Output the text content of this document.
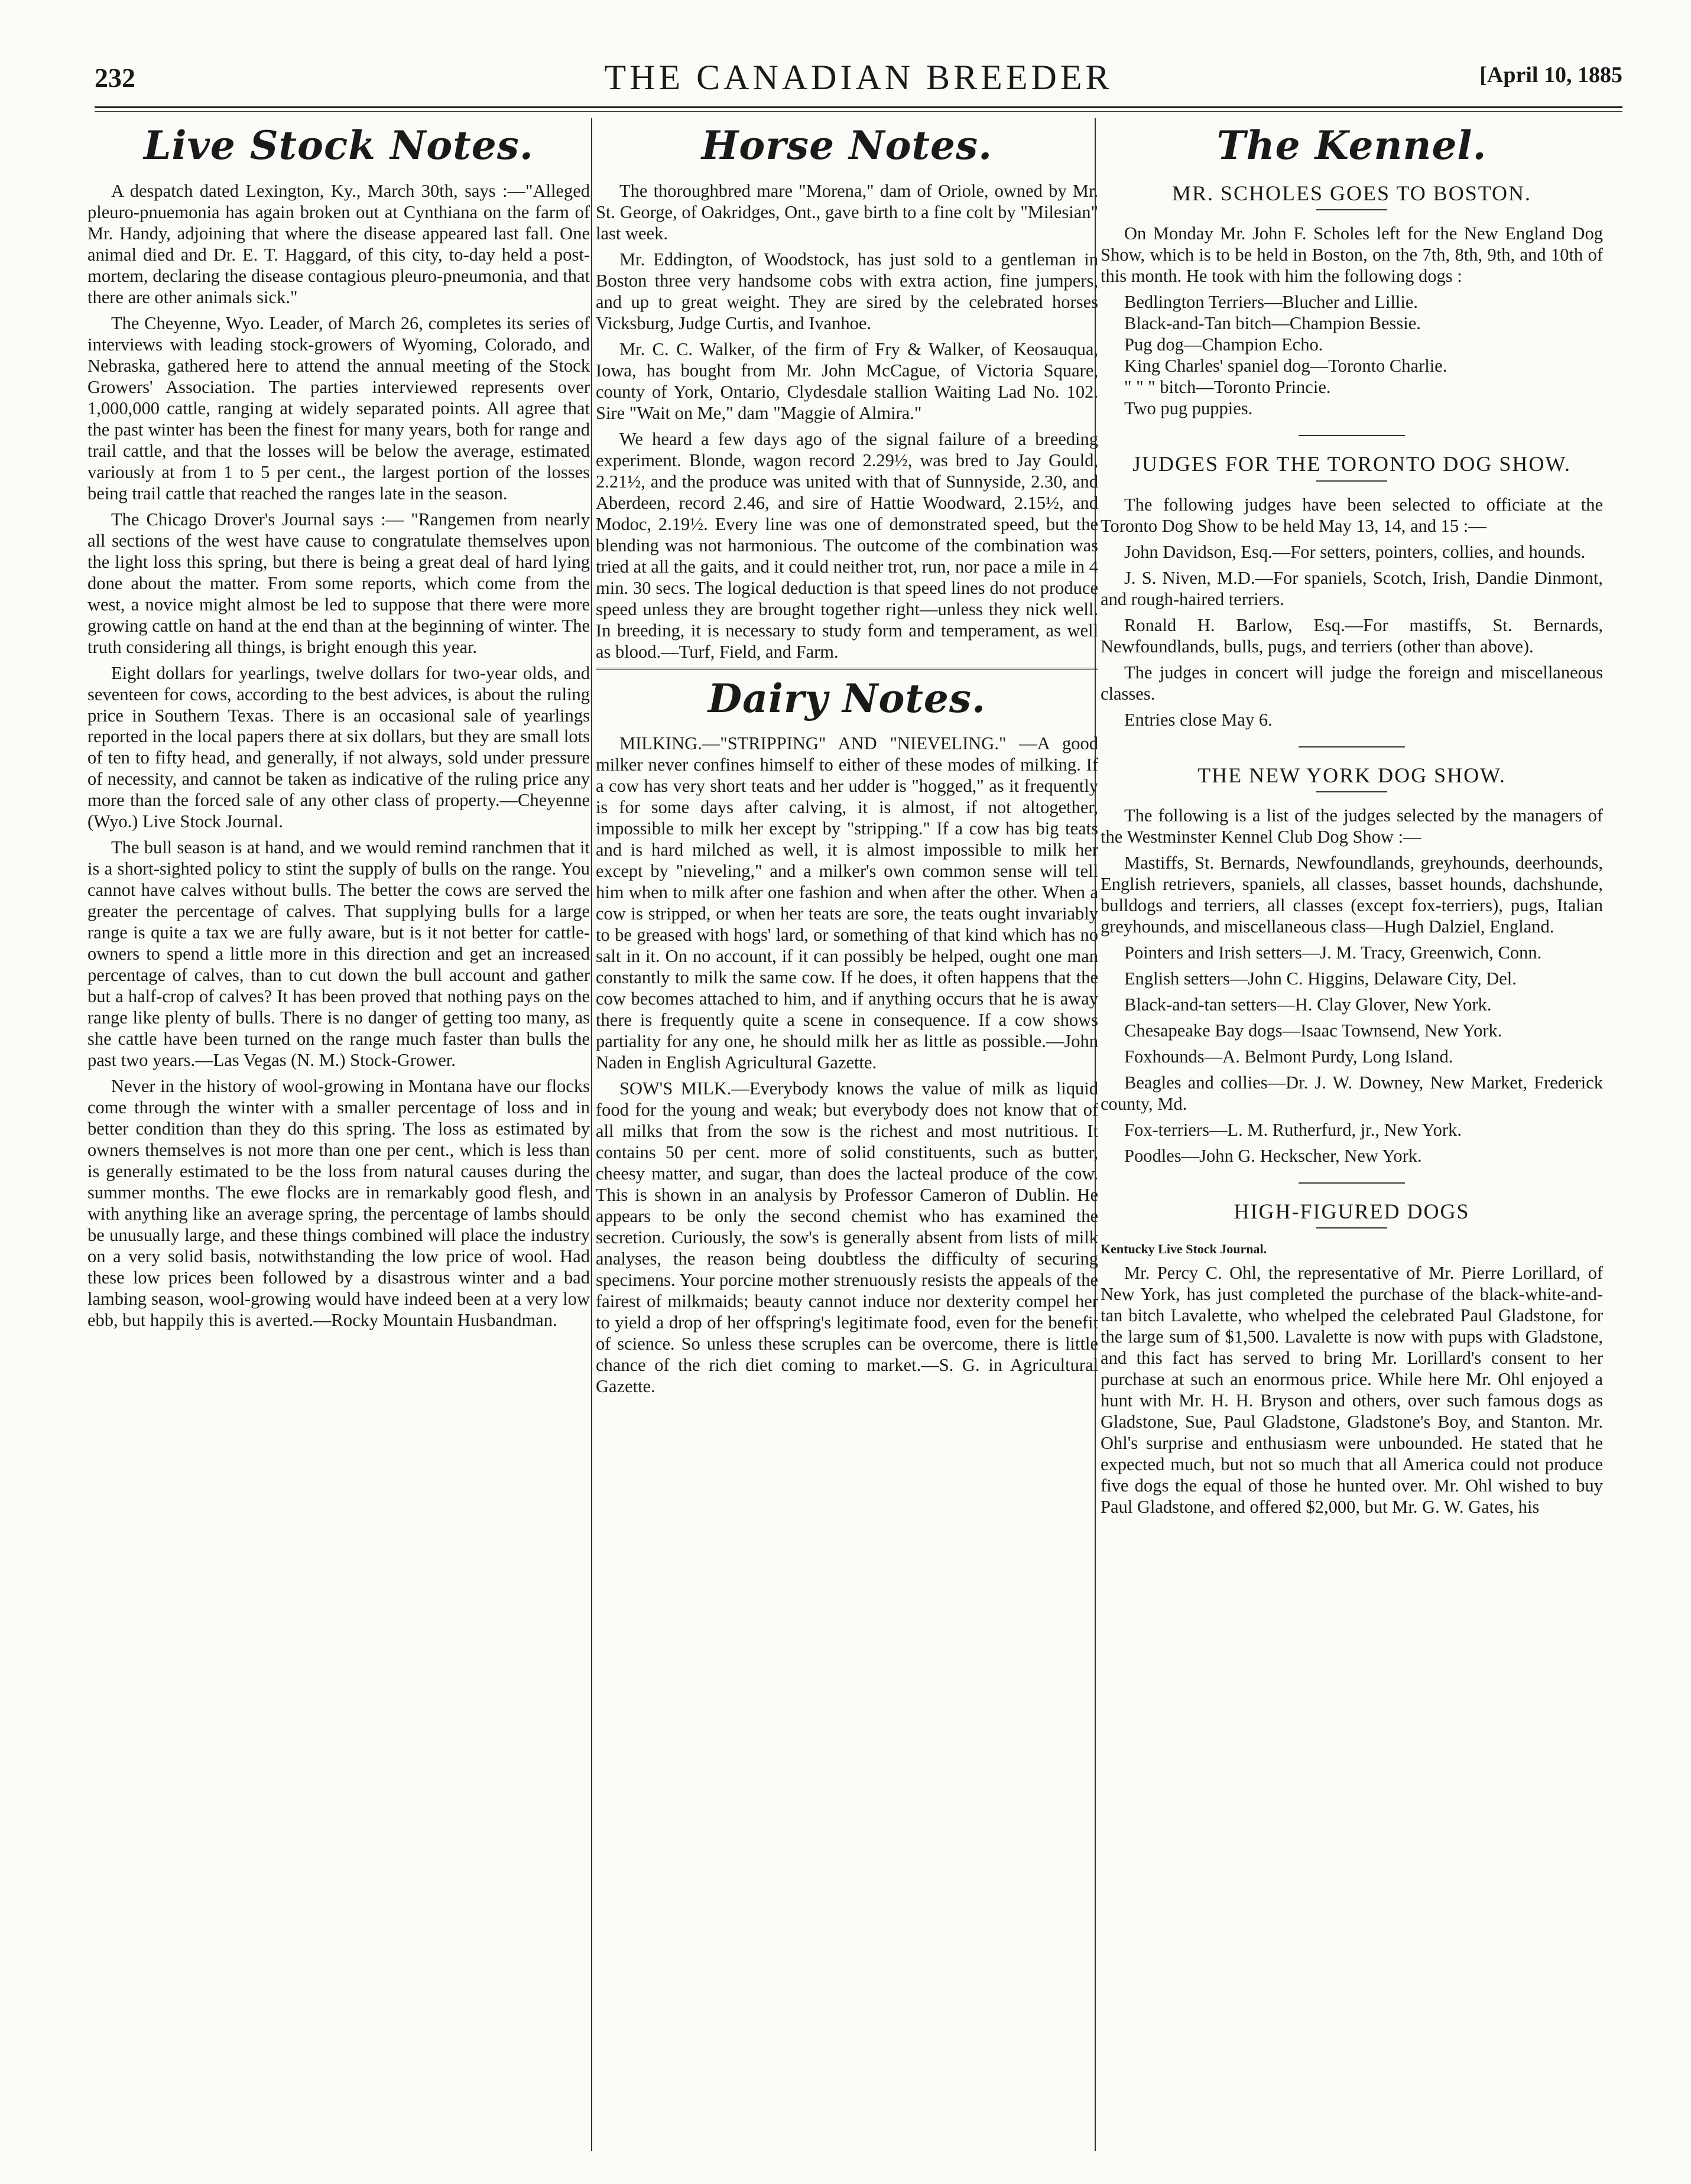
232	THE CANADIAN BREEDER	[April 10, 1885
Live Stock Notes.

A despatch dated Lexington, Ky., March 30th, says :—"Alleged pleuro-pnuemonia has again broken out at Cynthiana on the farm of Mr. Handy, adjoining that where the disease appeared last fall. One animal died and Dr. E. T. Haggard, of this city, to-day held a post-mortem, declaring the disease contagious pleuro-pneumonia, and that there are other animals sick."

The Cheyenne, Wyo. Leader, of March 26, completes its series of interviews with leading stock-growers of Wyoming, Colorado, and Nebraska, gathered here to attend the annual meeting of the Stock Growers' Association. The parties interviewed represents over 1,000,000 cattle, ranging at widely separated points. All agree that the past winter has been the finest for many years, both for range and trail cattle, and that the losses will be below the average, estimated variously at from 1 to 5 per cent., the largest portion of the losses being trail cattle that reached the ranges late in the season.

The Chicago Drover's Journal says :— "Rangemen from nearly all sections of the west have cause to congratulate themselves upon the light loss this spring, but there is being a great deal of hard lying done about the matter. From some reports, which come from the west, a novice might almost be led to suppose that there were more growing cattle on hand at the end than at the beginning of winter. The truth considering all things, is bright enough this year.

Eight dollars for yearlings, twelve dollars for two-year olds, and seventeen for cows, according to the best advices, is about the ruling price in Southern Texas. There is an occasional sale of yearlings reported in the local papers there at six dollars, but they are small lots of ten to fifty head, and generally, if not always, sold under pressure of necessity, and cannot be taken as indicative of the ruling price any more than the forced sale of any other class of property.—Cheyenne (Wyo.) Live Stock Journal.

The bull season is at hand, and we would remind ranchmen that it is a short-sighted policy to stint the supply of bulls on the range. You cannot have calves without bulls. The better the cows are served the greater the percentage of calves. That supplying bulls for a large range is quite a tax we are fully aware, but is it not better for cattle-owners to spend a little more in this direction and get an increased percentage of calves, than to cut down the bull account and gather but a half-crop of calves? It has been proved that nothing pays on the range like plenty of bulls. There is no danger of getting too many, as she cattle have been turned on the range much faster than bulls the past two years.—Las Vegas (N. M.) Stock-Grower.

Never in the history of wool-growing in Montana have our flocks come through the winter with a smaller percentage of loss and in better condition than they do this spring. The loss as estimated by owners themselves is not more than one per cent., which is less than is generally estimated to be the loss from natural causes during the summer months. The ewe flocks are in remarkably good flesh, and with anything like an average spring, the percentage of lambs should be unusually large, and these things combined will place the industry on a very solid basis, notwithstanding the low price of wool. Had these low prices been followed by a disastrous winter and a bad lambing season, wool-growing would have indeed been at a very low ebb, but happily this is averted.—Rocky Mountain Husbandman.

Horse Notes.

The thoroughbred mare "Morena," dam of Oriole, owned by Mr. St. George, of Oakridges, Ont., gave birth to a fine colt by "Milesian" last week.

Mr. Eddington, of Woodstock, has just sold to a gentleman in Boston three very handsome cobs with extra action, fine jumpers, and up to great weight. They are sired by the celebrated horses Vicksburg, Judge Curtis, and Ivanhoe.

Mr. C. C. Walker, of the firm of Fry & Walker, of Keosauqua, Iowa, has bought from Mr. John McCague, of Victoria Square, county of York, Ontario, Clydesdale stallion Waiting Lad No. 102. Sire "Wait on Me," dam "Maggie of Almira."

We heard a few days ago of the signal failure of a breeding experiment. Blonde, wagon record 2.29½, was bred to Jay Gould, 2.21½, and the produce was united with that of Sunnyside, 2.30, and Aberdeen, record 2.46, and sire of Hattie Woodward, 2.15½, and Modoc, 2.19½. Every line was one of demonstrated speed, but the blending was not harmonious. The outcome of the combination was tried at all the gaits, and it could neither trot, run, nor pace a mile in 4 min. 30 secs. The logical deduction is that speed lines do not produce speed unless they are brought together right—unless they nick well. In breeding, it is necessary to study form and temperament, as well as blood.—Turf, Field, and Farm.

Dairy Notes.

MILKING.—"STRIPPING" AND "NIEVELING." —A good milker never confines himself to either of these modes of milking. If a cow has very short teats and her udder is "hogged," as it frequently is for some days after calving, it is almost, if not altogether, impossible to milk her except by "stripping." If a cow has big teats and is hard milched as well, it is almost impossible to milk her except by "nieveling," and a milker's own common sense will tell him when to milk after one fashion and when after the other. When a cow is stripped, or when her teats are sore, the teats ought invariably to be greased with hogs' lard, or something of that kind which has no salt in it. On no account, if it can possibly be helped, ought one man constantly to milk the same cow. If he does, it often happens that the cow becomes attached to him, and if anything occurs that he is away there is frequently quite a scene in consequence. If a cow shows partiality for any one, he should milk her as little as possible.—John Naden in English Agricultural Gazette.

SOW'S MILK.—Everybody knows the value of milk as liquid food for the young and weak; but everybody does not know that of all milks that from the sow is the richest and most nutritious. It contains 50 per cent. more of solid constituents, such as butter, cheesy matter, and sugar, than does the lacteal produce of the cow. This is shown in an analysis by Professor Cameron of Dublin. He appears to be only the second chemist who has examined the secretion. Curiously, the sow's is generally absent from lists of milk analyses, the reason being doubtless the difficulty of securing specimens. Your porcine mother strenuously resists the appeals of the fairest of milkmaids; beauty cannot induce nor dexterity compel her to yield a drop of her offspring's legitimate food, even for the benefit of science. So unless these scruples can be overcome, there is little chance of the rich diet coming to market.—S. G. in Agricultural Gazette.

The Kennel.
MR. SCHOLES GOES TO BOSTON.

On Monday Mr. John F. Scholes left for the New England Dog Show, which is to be held in Boston, on the 7th, 8th, 9th, and 10th of this month. He took with him the following dogs :

Bedlington Terriers—Blucher and Lillie.

Black-and-Tan bitch—Champion Bessie.

Pug dog—Champion Echo.

King Charles' spaniel dog—Toronto Charlie.

" " " bitch—Toronto Princie.

Two pug puppies.

JUDGES FOR THE TORONTO DOG SHOW.

The following judges have been selected to officiate at the Toronto Dog Show to be held May 13, 14, and 15 :—

John Davidson, Esq.—For setters, pointers, collies, and hounds.

J. S. Niven, M.D.—For spaniels, Scotch, Irish, Dandie Dinmont, and rough-haired terriers.

Ronald H. Barlow, Esq.—For mastiffs, St. Bernards, Newfoundlands, bulls, pugs, and terriers (other than above).

The judges in concert will judge the foreign and miscellaneous classes.

Entries close May 6.

THE NEW YORK DOG SHOW.

The following is a list of the judges selected by the managers of the Westminster Kennel Club Dog Show :—

Mastiffs, St. Bernards, Newfoundlands, greyhounds, deerhounds, English retrievers, spaniels, all classes, basset hounds, dachshunde, bulldogs and terriers, all classes (except fox-terriers), pugs, Italian greyhounds, and miscellaneous class—Hugh Dalziel, England.

Pointers and Irish setters—J. M. Tracy, Greenwich, Conn.

English setters—John C. Higgins, Delaware City, Del.

Black-and-tan setters—H. Clay Glover, New York.

Chesapeake Bay dogs—Isaac Townsend, New York.

Foxhounds—A. Belmont Purdy, Long Island.

Beagles and collies—Dr. J. W. Downey, New Market, Frederick county, Md.

Fox-terriers—L. M. Rutherfurd, jr., New York.

Poodles—John G. Heckscher, New York.

HIGH-FIGURED DOGS

Kentucky Live Stock Journal.

Mr. Percy C. Ohl, the representative of Mr. Pierre Lorillard, of New York, has just completed the purchase of the black-white-and-tan bitch Lavalette, who whelped the celebrated Paul Gladstone, for the large sum of $1,500. Lavalette is now with pups with Gladstone, and this fact has served to bring Mr. Lorillard's consent to her purchase at such an enormous price. While here Mr. Ohl enjoyed a hunt with Mr. H. H. Bryson and others, over such famous dogs as Gladstone, Sue, Paul Gladstone, Gladstone's Boy, and Stanton. Mr. Ohl's surprise and enthusiasm were unbounded. He stated that he expected much, but not so much that all America could not produce five dogs the equal of those he hunted over. Mr. Ohl wished to buy Paul Gladstone, and offered $2,000, but Mr. G. W. Gates, his
